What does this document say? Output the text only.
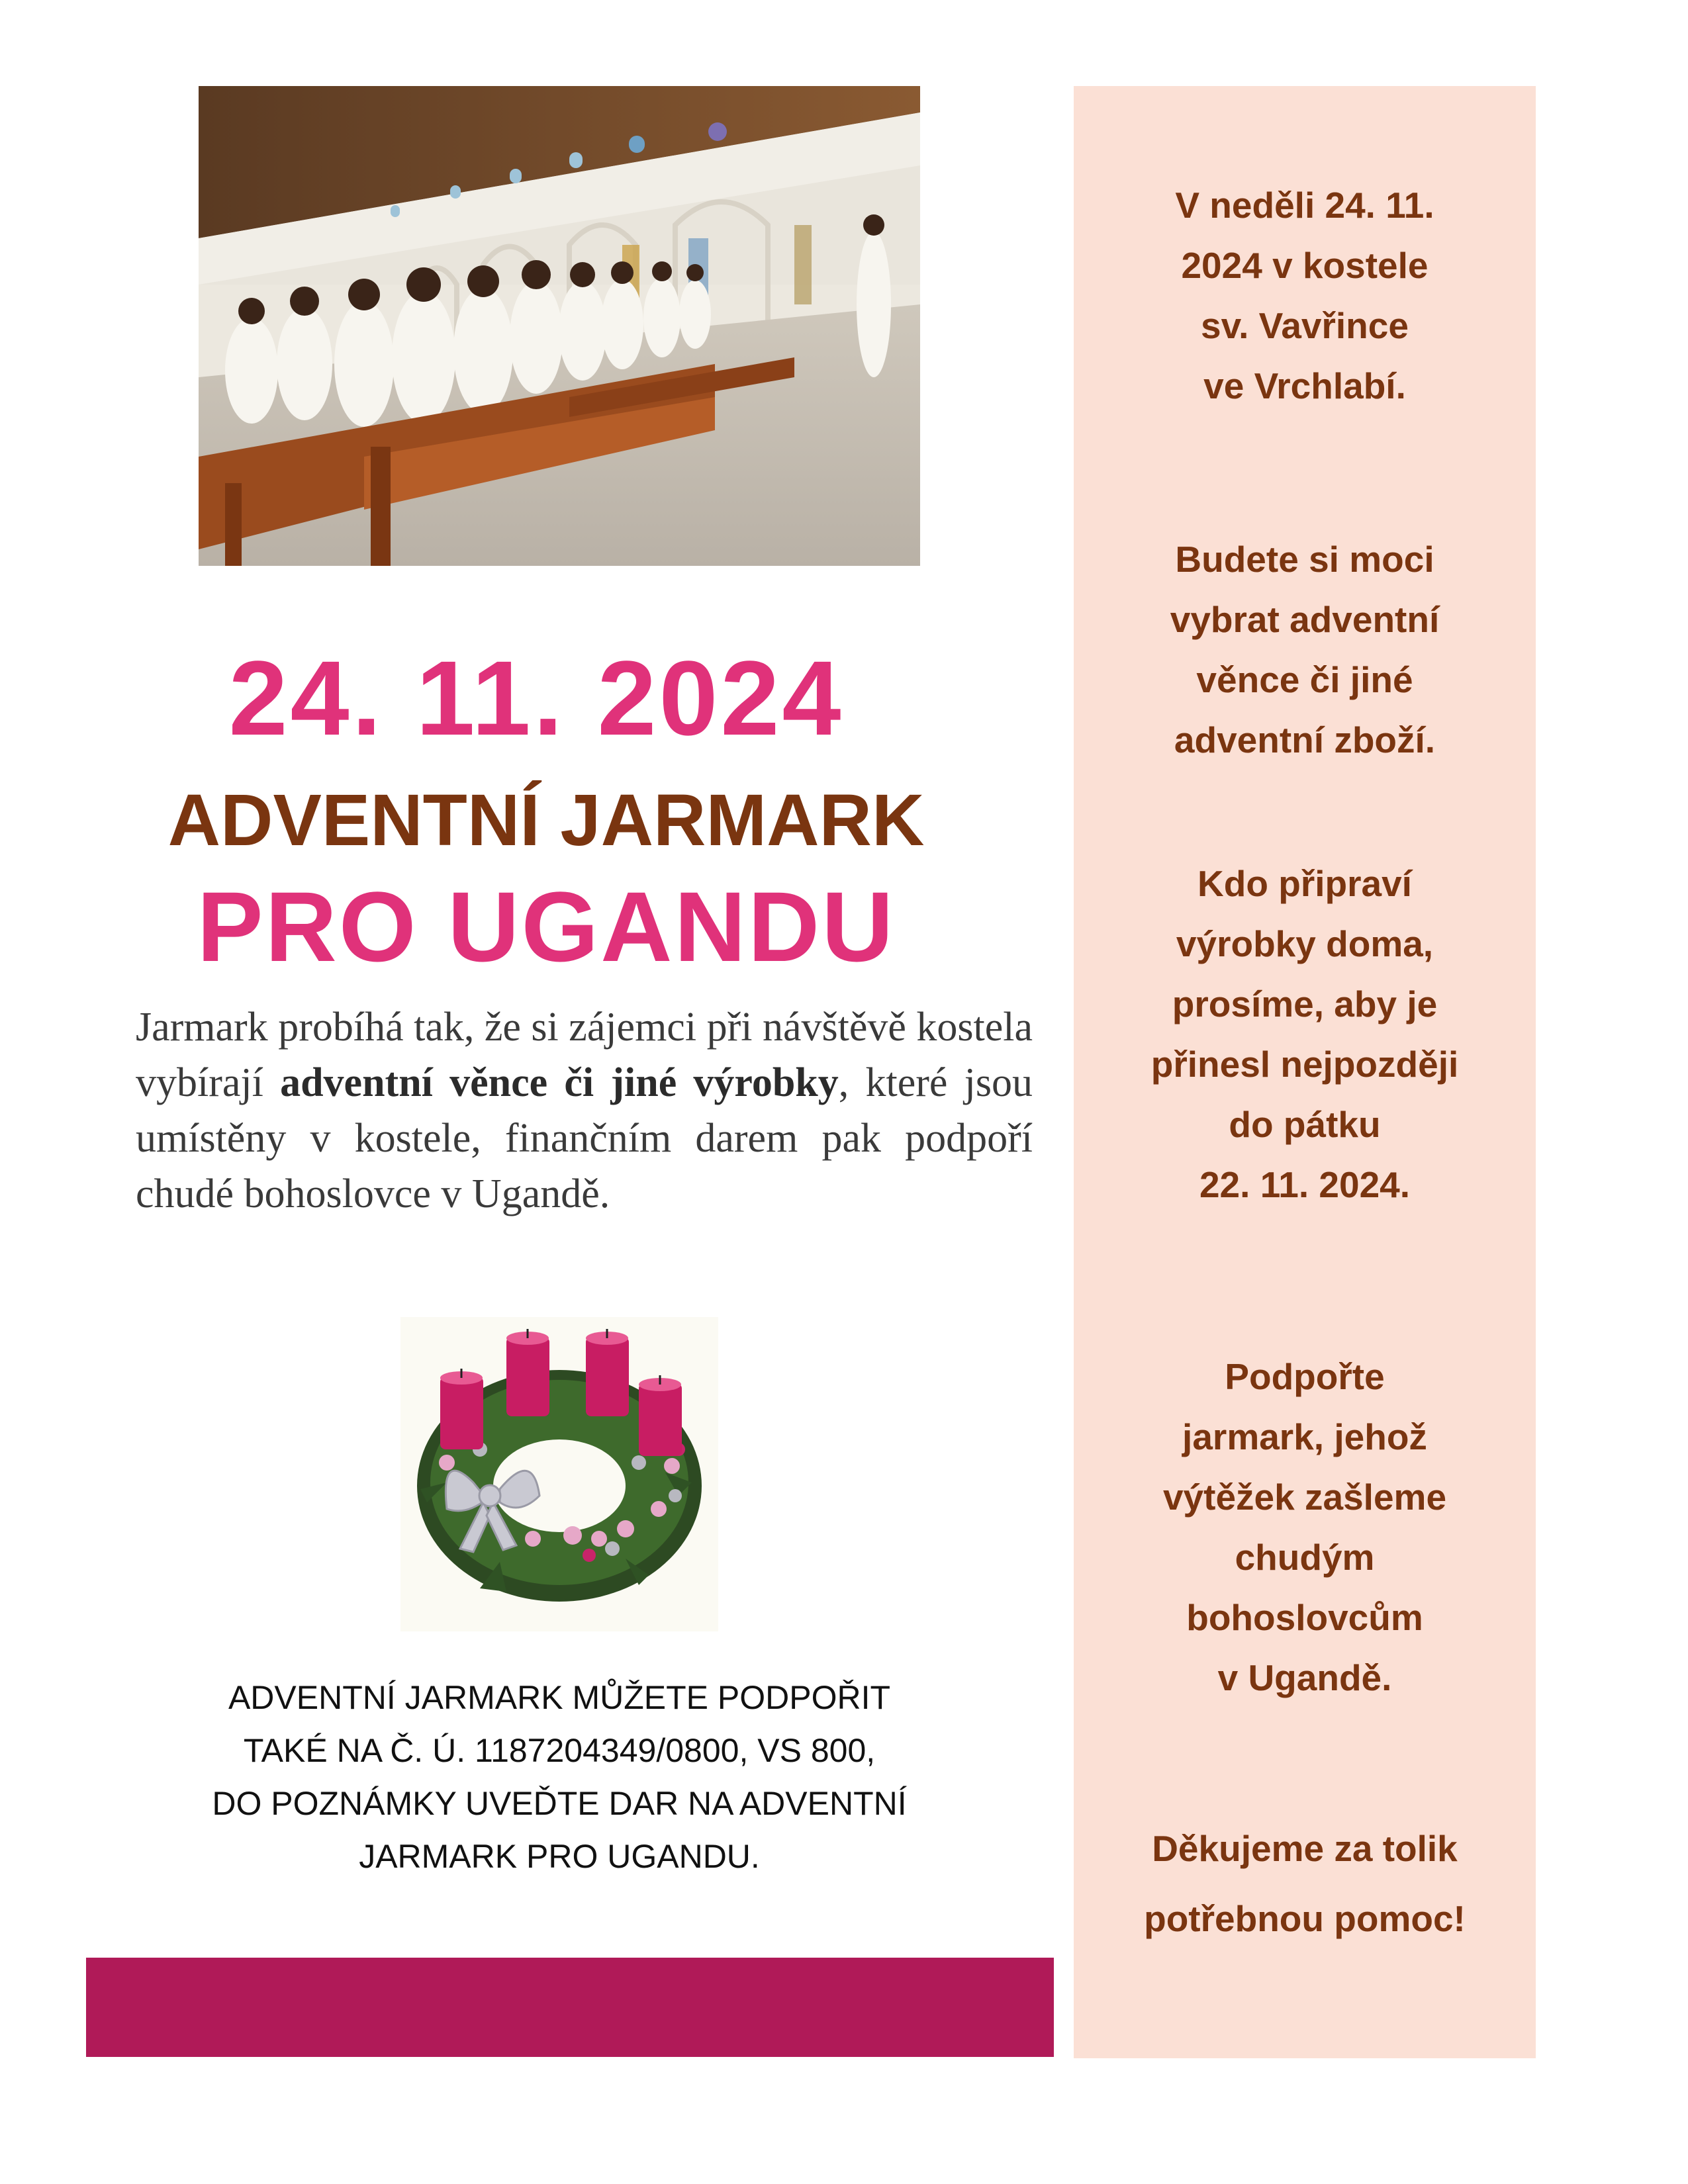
24. 11. 2024
ADVENTNÍ JARMARK
PRO UGANDU
Jarmark probíhá tak, že si zájemci při návštěvě kostela vybírají adventní věnce či jiné výrobky, které jsou umístěny v kostele, finančním darem pak podpoří chudé bohoslovce v Ugandě.
ADVENTNÍ JARMARK MŮŽETE PODPOŘIT
TAKÉ NA Č. Ú. 1187204349/0800, VS 800,
DO POZNÁMKY UVEĎTE DAR NA ADVENTNÍ
JARMARK PRO UGANDU.
V neděli 24. 11.
2024 v kostele
sv. Vavřince
ve Vrchlabí.
Budete si moci
vybrat adventní
věnce či jiné
adventní zboží.
Kdo připraví
výrobky doma,
prosíme, aby je
přinesl nejpozději
do pátku
22. 11. 2024.
Podpořte
jarmark, jehož
výtěžek zašleme
chudým
bohoslovcům
v Ugandě.
Děkujeme za tolik
potřebnou pomoc!
